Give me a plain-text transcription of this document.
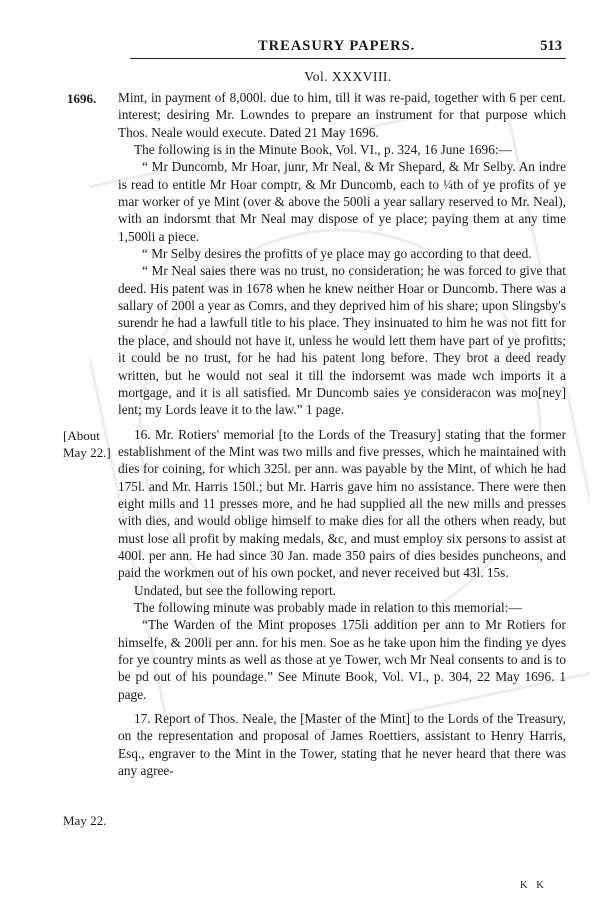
TREASURY PAPERS.	513
Vol. XXXVIII.
1696.
[About
May 22.]
May 22.

Mint, in payment of 8,000l. due to him, till it was re-paid, together with 6 per cent. interest; desiring Mr. Lowndes to prepare an instrument for that purpose which Thos. Neale would execute. Dated 21 May 1696.

The following is in the Minute Book, Vol. VI., p. 324, 16 June 1696:—

“ Mr Duncomb, Mr Hoar, junr, Mr Neal, & Mr Shepard, & Mr Selby. An indre is read to entitle Mr Hoar comptr, & Mr Duncomb, each to ¼th of ye profits of ye mar worker of ye Mint (over & above the 500li a year sallary reserved to Mr. Neal), with an indorsmt that Mr Neal may dispose of ye place; paying them at any time 1,500li a piece.

“ Mr Selby desires the profitts of ye place may go according to that deed.

“ Mr Neal saies there was no trust, no consideration; he was forced to give that deed. His patent was in 1678 when he knew neither Hoar or Duncomb. There was a sallary of 200l a year as Comrs, and they deprived him of his share; upon Slingsby's surendr he had a lawfull title to his place. They insinuated to him he was not fitt for the place, and should not have it, unless he would lett them have part of ye profitts; it could be no trust, for he had his patent long before. They brot a deed ready written, but he would not seal it till the indorsemt was made wch imports it a mortgage, and it is all satisfied. Mr Duncomb saies ye consideracon was mo[ney] lent; my Lords leave it to the law.” 1 page.

16. Mr. Rotiers' memorial [to the Lords of the Treasury] stating that the former establishment of the Mint was two mills and five presses, which he maintained with dies for coining, for which 325l. per ann. was payable by the Mint, of which he had 175l. and Mr. Harris 150l.; but Mr. Harris gave him no assistance. There were then eight mills and 11 presses more, and he had supplied all the new mills and presses with dies, and would oblige himself to make dies for all the others when ready, but must lose all profit by making medals, &c, and must employ six persons to assist at 400l. per ann. He had since 30 Jan. made 350 pairs of dies besides puncheons, and paid the workmen out of his own pocket, and never received but 43l. 15s.

Undated, but see the following report.

The following minute was probably made in relation to this memorial:—

“The Warden of the Mint proposes 175li addition per ann to Mr Rotiers for himselfe, & 200li per ann. for his men. Soe as he take upon him the finding ye dyes for ye country mints as well as those at ye Tower, wch Mr Neal consents to and is to be pd out of his poundage.” See Minute Book, Vol. VI., p. 304, 22 May 1696. 1 page.

17. Report of Thos. Neale, the [Master of the Mint] to the Lords of the Treasury, on the representation and proposal of James Roettiers, assistant to Henry Harris, Esq., engraver to the Mint in the Tower, stating that he never heard that there was any agree-

K K
